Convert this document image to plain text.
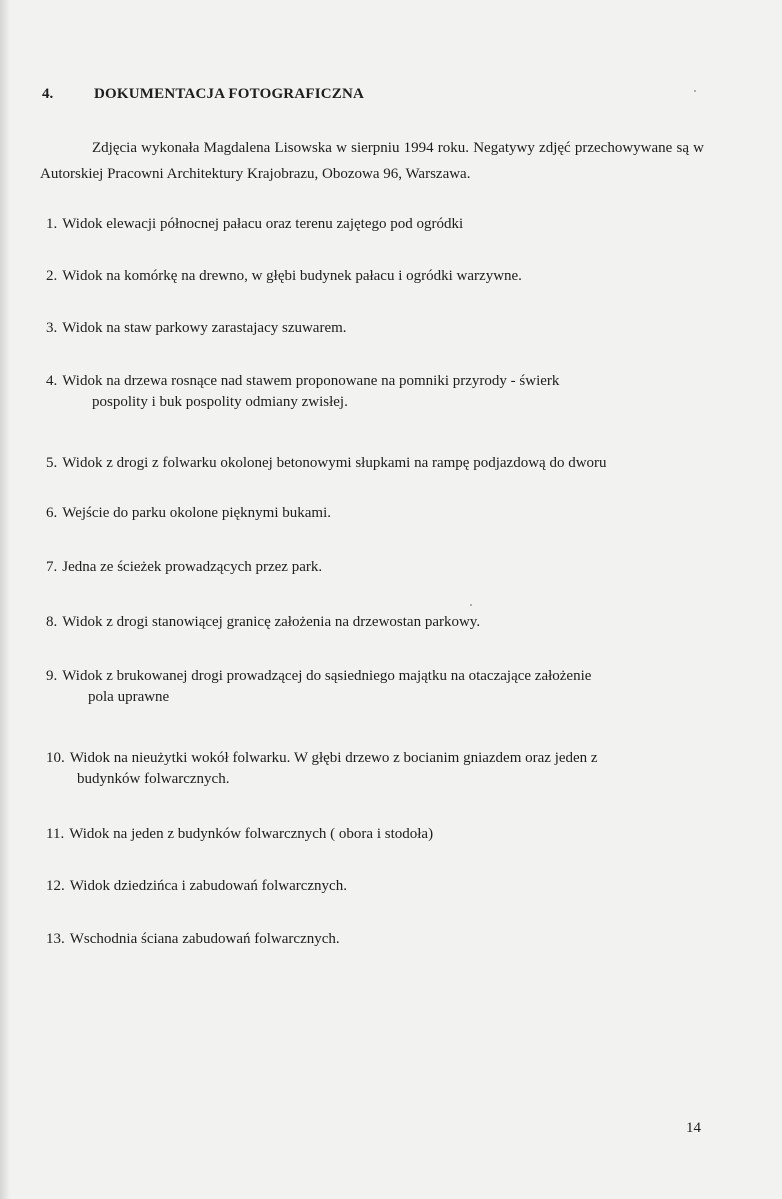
4.	DOKUMENTACJA FOTOGRAFICZNA

Zdjęcia wykonała Magdalena Lisowska w sierpniu 1994 roku. Negatywy zdjęć przechowywane są w Autorskiej Pracowni Architektury Krajobrazu, Obozowa 96, Warszawa.

1. Widok elewacji północnej pałacu oraz terenu zajętego pod ogródki
2. Widok na komórkę na drewno, w głębi budynek pałacu i ogródki warzywne.
3. Widok na staw parkowy zarastajacy szuwarem.
4. Widok na drzewa rosnące nad stawem proponowane na pomniki przyrody - świerk
pospolity i buk pospolity odmiany zwisłej.
5. Widok z drogi z folwarku okolonej betonowymi słupkami na rampę podjazdową do dworu
6. Wejście do parku okolone pięknymi bukami.
7. Jedna ze ścieżek prowadzących przez park.
8. Widok z drogi stanowiącej granicę założenia na drzewostan parkowy.
9. Widok z brukowanej drogi prowadzącej do sąsiedniego majątku na otaczające założenie
pola uprawne
10. Widok na nieużytki wokół folwarku. W głębi drzewo z bocianim gniazdem oraz jeden z
budynków folwarcznych.
11. Widok na jeden z budynków folwarcznych ( obora i stodoła)
12. Widok dziedzińca i zabudowań folwarcznych.
13. Wschodnia ściana zabudowań folwarcznych.
14
